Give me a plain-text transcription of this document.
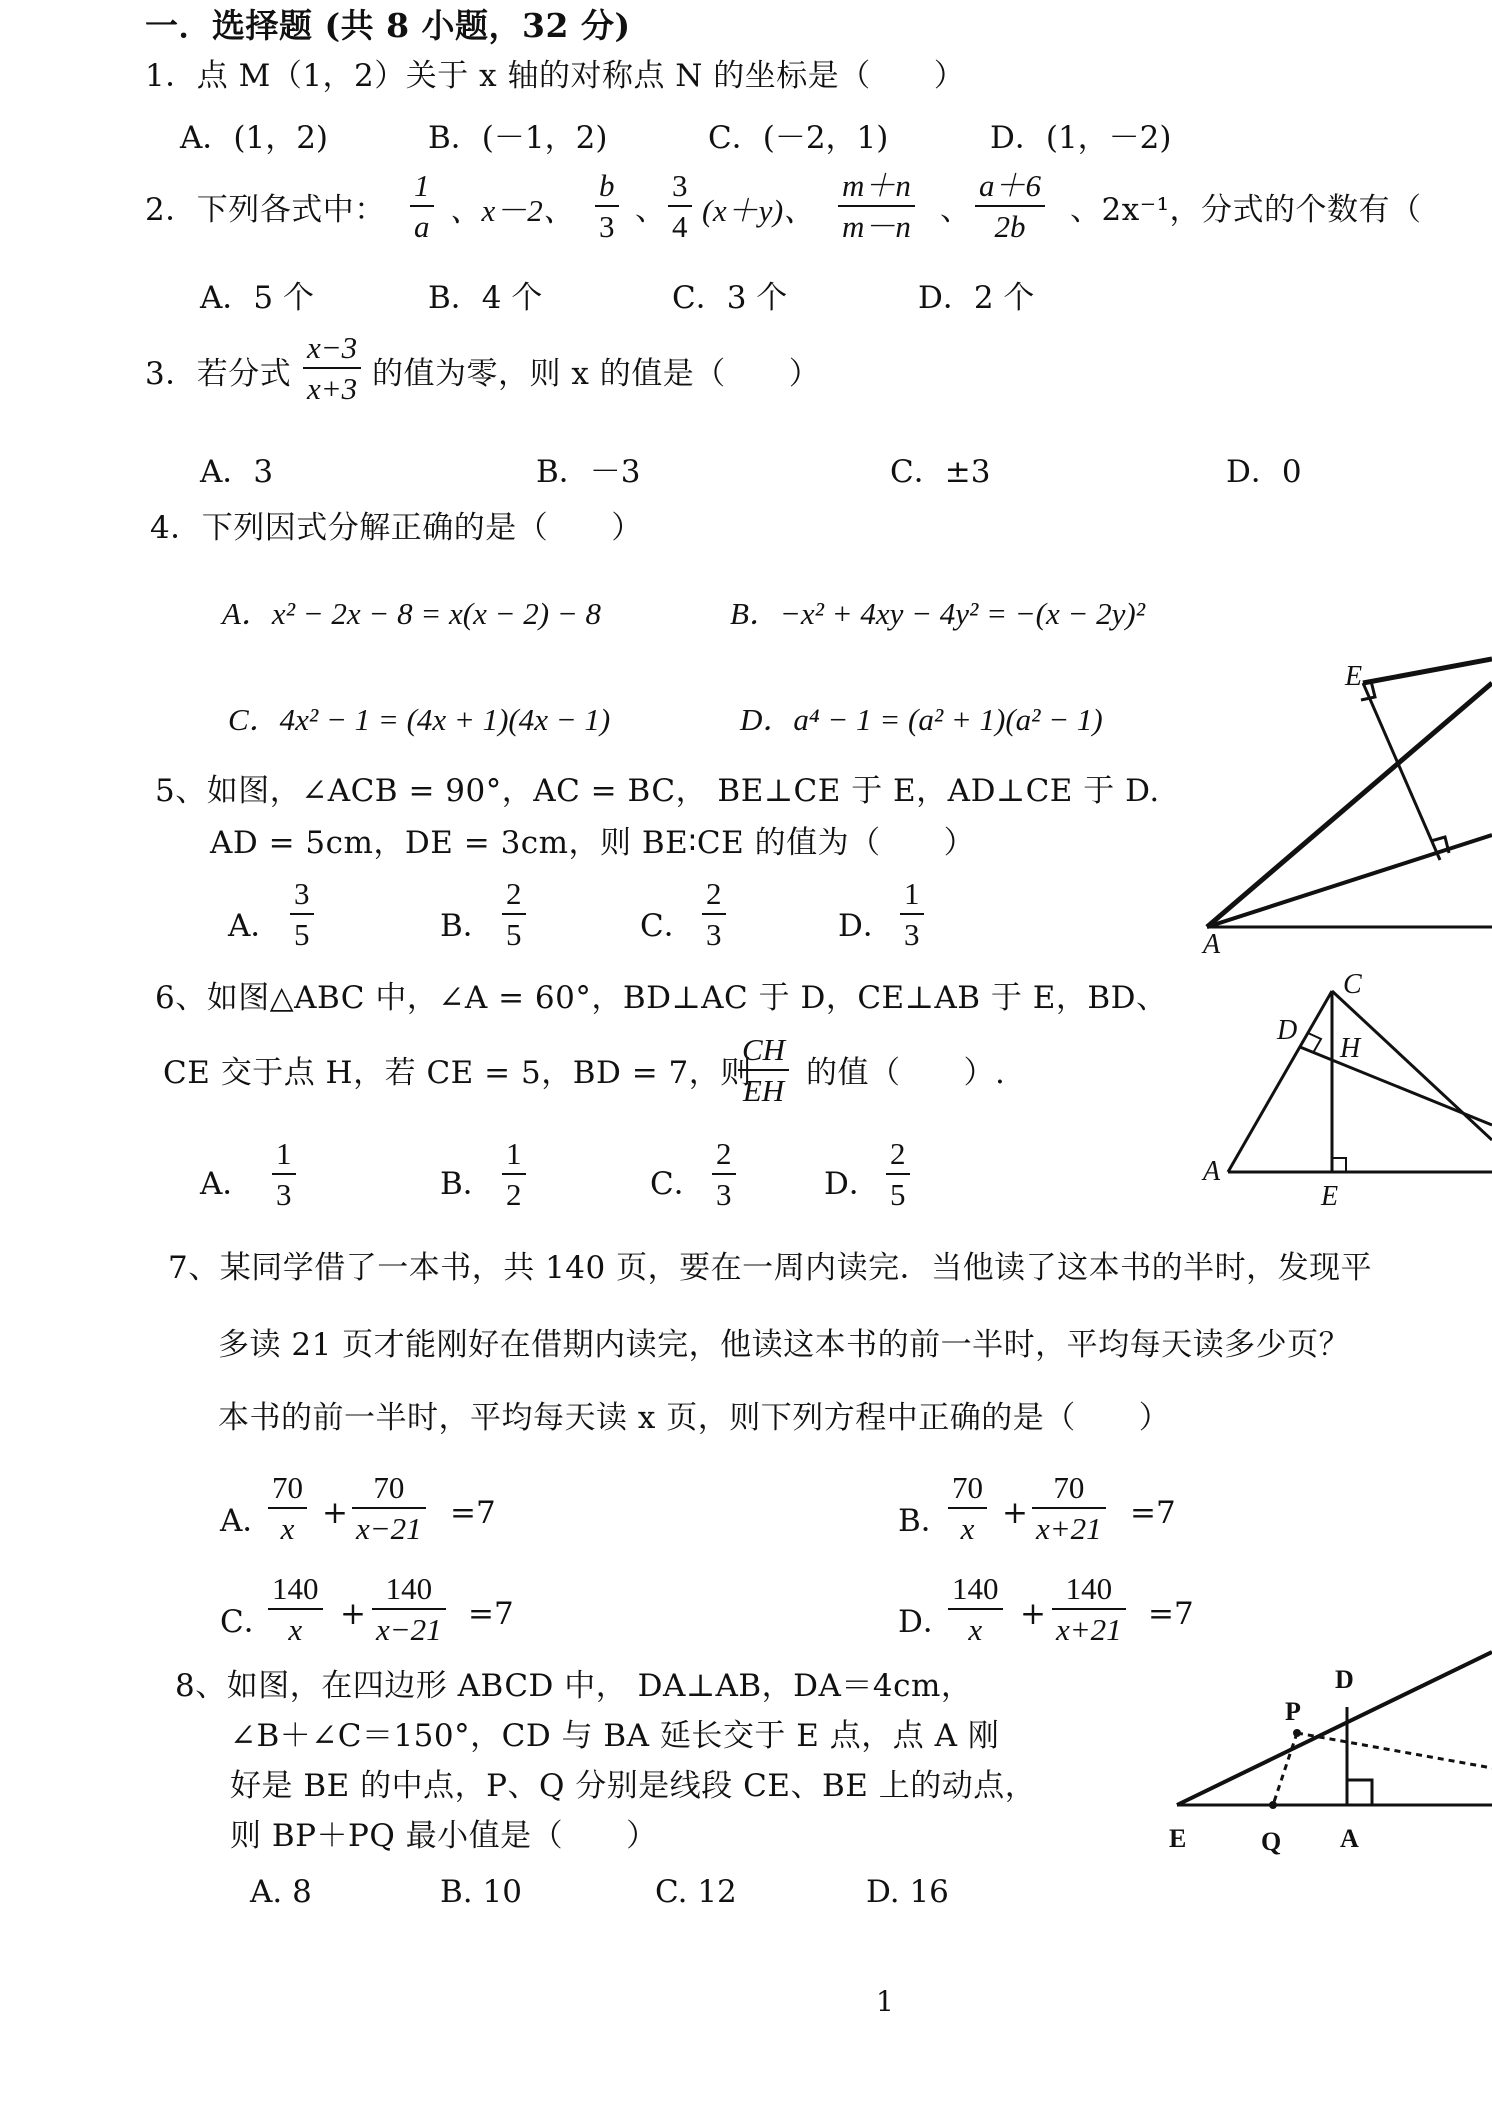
一．选择题 (共 8 小题，32 分)
1．点 M（1，2）关于 x 轴的对称点 N 的坐标是（　　）
A．(1，2)	B．(－1，2)	C．(－2，1)	D．(1，－2)
2．下列各式中：
1
a 、x－2、
b
3 、
3
4 (x＋y)、
m＋n
m－n 、
a＋6
2b	、2x⁻¹，分式的个数有（
A．5 个	B．4 个	C．3 个	D．2 个
3．若分式
x−3
x+3 的值为零，则 x 的值是（　　）
A．3	B．－3	C．±3	D．0
4．下列因式分解正确的是（　　）
A．x² − 2x − 8 = x(x − 2) − 8	B．−x² + 4xy − 4y² = −(x − 2y)²
C．4x² − 1 = (4x + 1)(4x − 1)	D．a⁴ − 1 = (a² + 1)(a² − 1)
5、如图，∠ACB = 90°，AC = BC， BE⊥CE 于 E，AD⊥CE 于 D.
AD = 5cm，DE = 3cm，则 BE∶CE 的值为（　　）
A．
3
5	B．
2
5	C．
2
3	D．
1
3
E
A
6、如图△ABC 中，∠A = 60°，BD⊥AC 于 D，CE⊥AB 于 E，BD、
CE 交于点 H，若 CE = 5，BD = 7，则
CH
EH 的值（　　）.
A．
1
3	B．
1
2	C．
2
3	D．
2
5
C
D
H
A
E
7、某同学借了一本书，共 140 页，要在一周内读完．当他读了这本书的半时，发现平
多读 21 页才能刚好在借期内读完，他读这本书的前一半时，平均每天读多少页？
本书的前一半时，平均每天读 x 页，则下列方程中正确的是（　　）
A．
70
x +
70
x−21 =7	B．
70
x +
70
x+21 =7
C．
140
x	+
140
x−21 =7	D．
140
x	+
140
x+21 =7
8、如图，在四边形 ABCD 中， DA⊥AB，DA＝4cm，
∠B＋∠C＝150°，CD 与 BA 延长交于 E 点，点 A 刚
好是 BE 的中点，P、Q 分别是线段 CE、BE 上的动点，
则 BP＋PQ 最小值是（　　）
A. 8	B. 10	C. 12	D. 16
D
P
E	Q A
1
